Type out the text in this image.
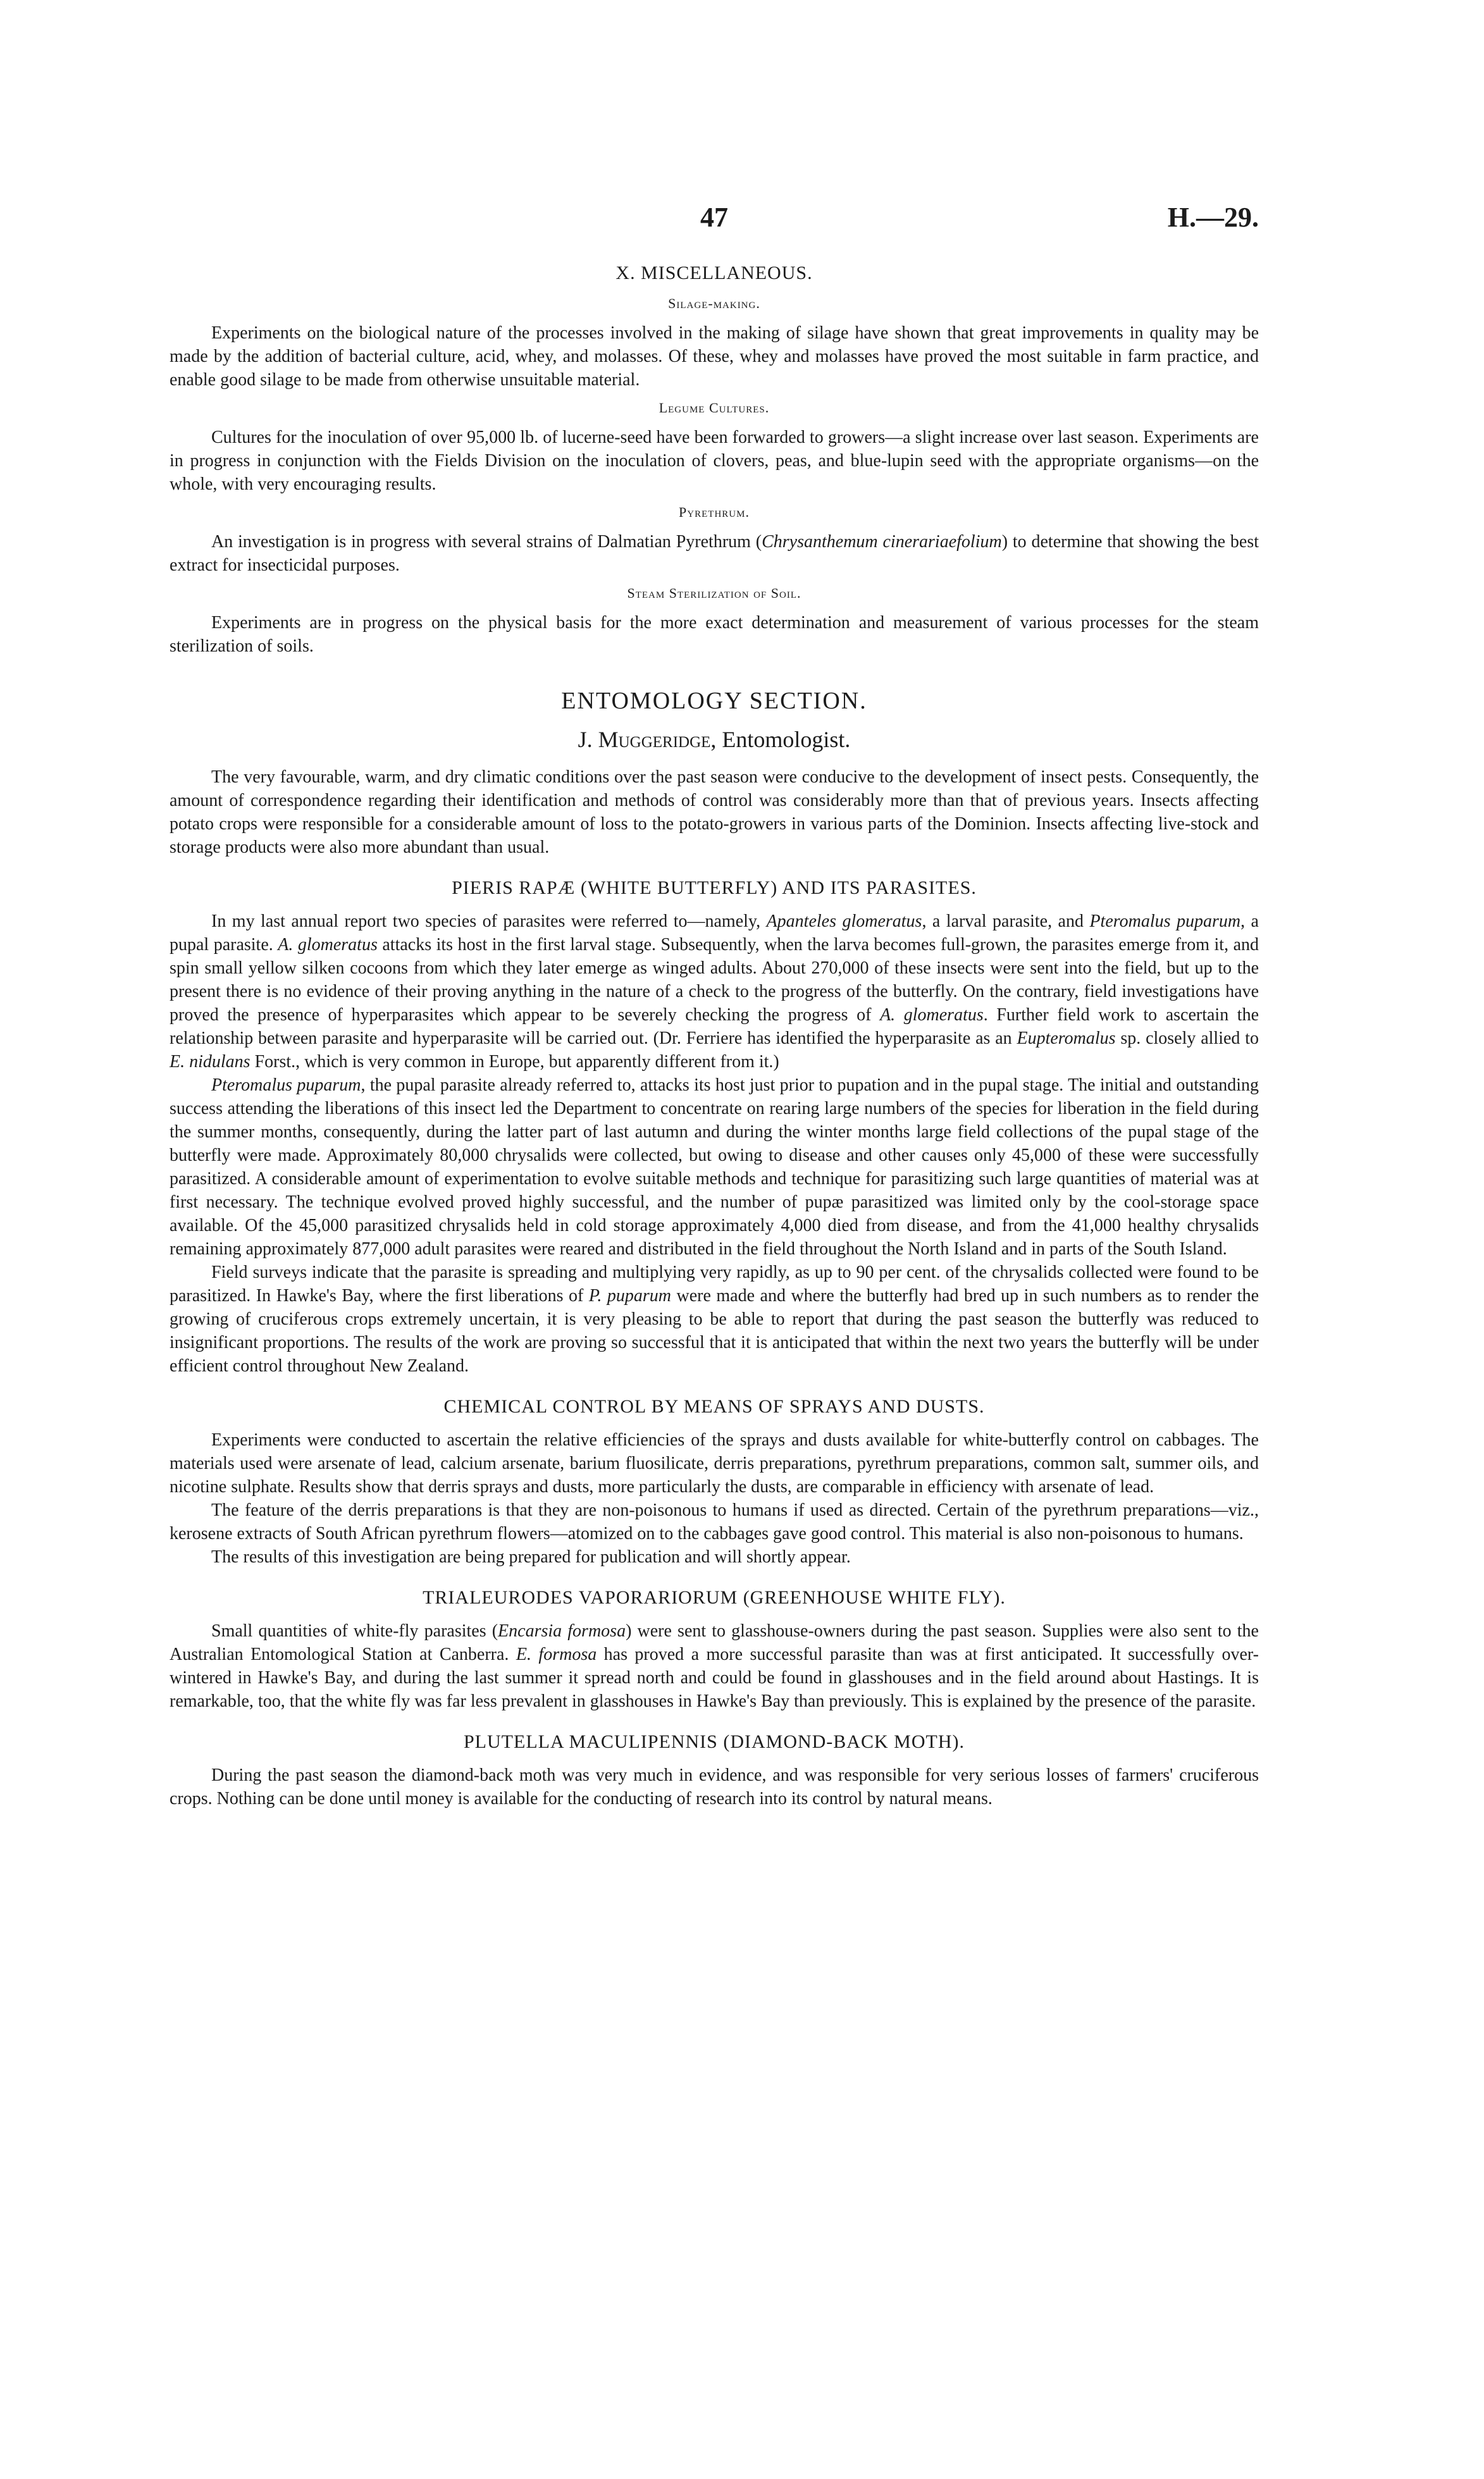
47	H.—29.
X. MISCELLANEOUS.
Silage-making.

Experiments on the biological nature of the processes involved in the making of silage have shown that great improvements in quality may be made by the addition of bacterial culture, acid, whey, and molasses. Of these, whey and molasses have proved the most suitable in farm practice, and enable good silage to be made from otherwise unsuitable material.

Legume Cultures.

Cultures for the inoculation of over 95,000 lb. of lucerne-seed have been forwarded to growers—a slight increase over last season. Experiments are in progress in conjunction with the Fields Division on the inoculation of clovers, peas, and blue-lupin seed with the appropriate organisms—on the whole, with very encouraging results.

Pyrethrum.

An investigation is in progress with several strains of Dalmatian Pyrethrum (Chrysanthemum cinerariaefolium) to determine that showing the best extract for insecticidal purposes.

Steam Sterilization of Soil.

Experiments are in progress on the physical basis for the more exact determination and measurement of various processes for the steam sterilization of soils.

ENTOMOLOGY SECTION.
J. Muggeridge, Entomologist.

The very favourable, warm, and dry climatic conditions over the past season were conducive to the development of insect pests. Consequently, the amount of correspondence regarding their identification and methods of control was considerably more than that of previous years. Insects affecting potato crops were responsible for a considerable amount of loss to the potato-growers in various parts of the Dominion. Insects affecting live-stock and storage products were also more abundant than usual.

PIERIS RAPÆ (WHITE BUTTERFLY) AND ITS PARASITES.

In my last annual report two species of parasites were referred to—namely, Apanteles glomeratus, a larval parasite, and Pteromalus puparum, a pupal parasite. A. glomeratus attacks its host in the first larval stage. Subsequently, when the larva becomes full-grown, the parasites emerge from it, and spin small yellow silken cocoons from which they later emerge as winged adults. About 270,000 of these insects were sent into the field, but up to the present there is no evidence of their proving anything in the nature of a check to the progress of the butterfly. On the contrary, field investigations have proved the presence of hyperparasites which appear to be severely checking the progress of A. glomeratus. Further field work to ascertain the relationship between parasite and hyperparasite will be carried out. (Dr. Ferriere has identified the hyperparasite as an Eupteromalus sp. closely allied to E. nidulans Forst., which is very common in Europe, but apparently different from it.)

Pteromalus puparum, the pupal parasite already referred to, attacks its host just prior to pupation and in the pupal stage. The initial and outstanding success attending the liberations of this insect led the Department to concentrate on rearing large numbers of the species for liberation in the field during the summer months, consequently, during the latter part of last autumn and during the winter months large field collections of the pupal stage of the butterfly were made. Approximately 80,000 chrysalids were collected, but owing to disease and other causes only 45,000 of these were successfully parasitized. A considerable amount of experimentation to evolve suitable methods and technique for parasitizing such large quantities of material was at first necessary. The technique evolved proved highly successful, and the number of pupæ parasitized was limited only by the cool-storage space available. Of the 45,000 parasitized chrysalids held in cold storage approximately 4,000 died from disease, and from the 41,000 healthy chrysalids remaining approximately 877,000 adult parasites were reared and distributed in the field throughout the North Island and in parts of the South Island.

Field surveys indicate that the parasite is spreading and multiplying very rapidly, as up to 90 per cent. of the chrysalids collected were found to be parasitized. In Hawke's Bay, where the first liberations of P. puparum were made and where the butterfly had bred up in such numbers as to render the growing of cruciferous crops extremely uncertain, it is very pleasing to be able to report that during the past season the butterfly was reduced to insignificant proportions. The results of the work are proving so successful that it is anticipated that within the next two years the butterfly will be under efficient control throughout New Zealand.

CHEMICAL CONTROL BY MEANS OF SPRAYS AND DUSTS.

Experiments were conducted to ascertain the relative efficiencies of the sprays and dusts available for white-butterfly control on cabbages. The materials used were arsenate of lead, calcium arsenate, barium fluosilicate, derris preparations, pyrethrum preparations, common salt, summer oils, and nicotine sulphate. Results show that derris sprays and dusts, more particularly the dusts, are comparable in efficiency with arsenate of lead.

The feature of the derris preparations is that they are non-poisonous to humans if used as directed. Certain of the pyrethrum preparations—viz., kerosene extracts of South African pyrethrum flowers—atomized on to the cabbages gave good control. This material is also non-poisonous to humans.

The results of this investigation are being prepared for publication and will shortly appear.

TRIALEURODES VAPORARIORUM (GREENHOUSE WHITE FLY).

Small quantities of white-fly parasites (Encarsia formosa) were sent to glasshouse-owners during the past season. Supplies were also sent to the Australian Entomological Station at Canberra. E. formosa has proved a more successful parasite than was at first anticipated. It successfully over-wintered in Hawke's Bay, and during the last summer it spread north and could be found in glasshouses and in the field around about Hastings. It is remarkable, too, that the white fly was far less prevalent in glasshouses in Hawke's Bay than previously. This is explained by the presence of the parasite.

PLUTELLA MACULIPENNIS (DIAMOND-BACK MOTH).

During the past season the diamond-back moth was very much in evidence, and was responsible for very serious losses of farmers' cruciferous crops. Nothing can be done until money is available for the conducting of research into its control by natural means.
